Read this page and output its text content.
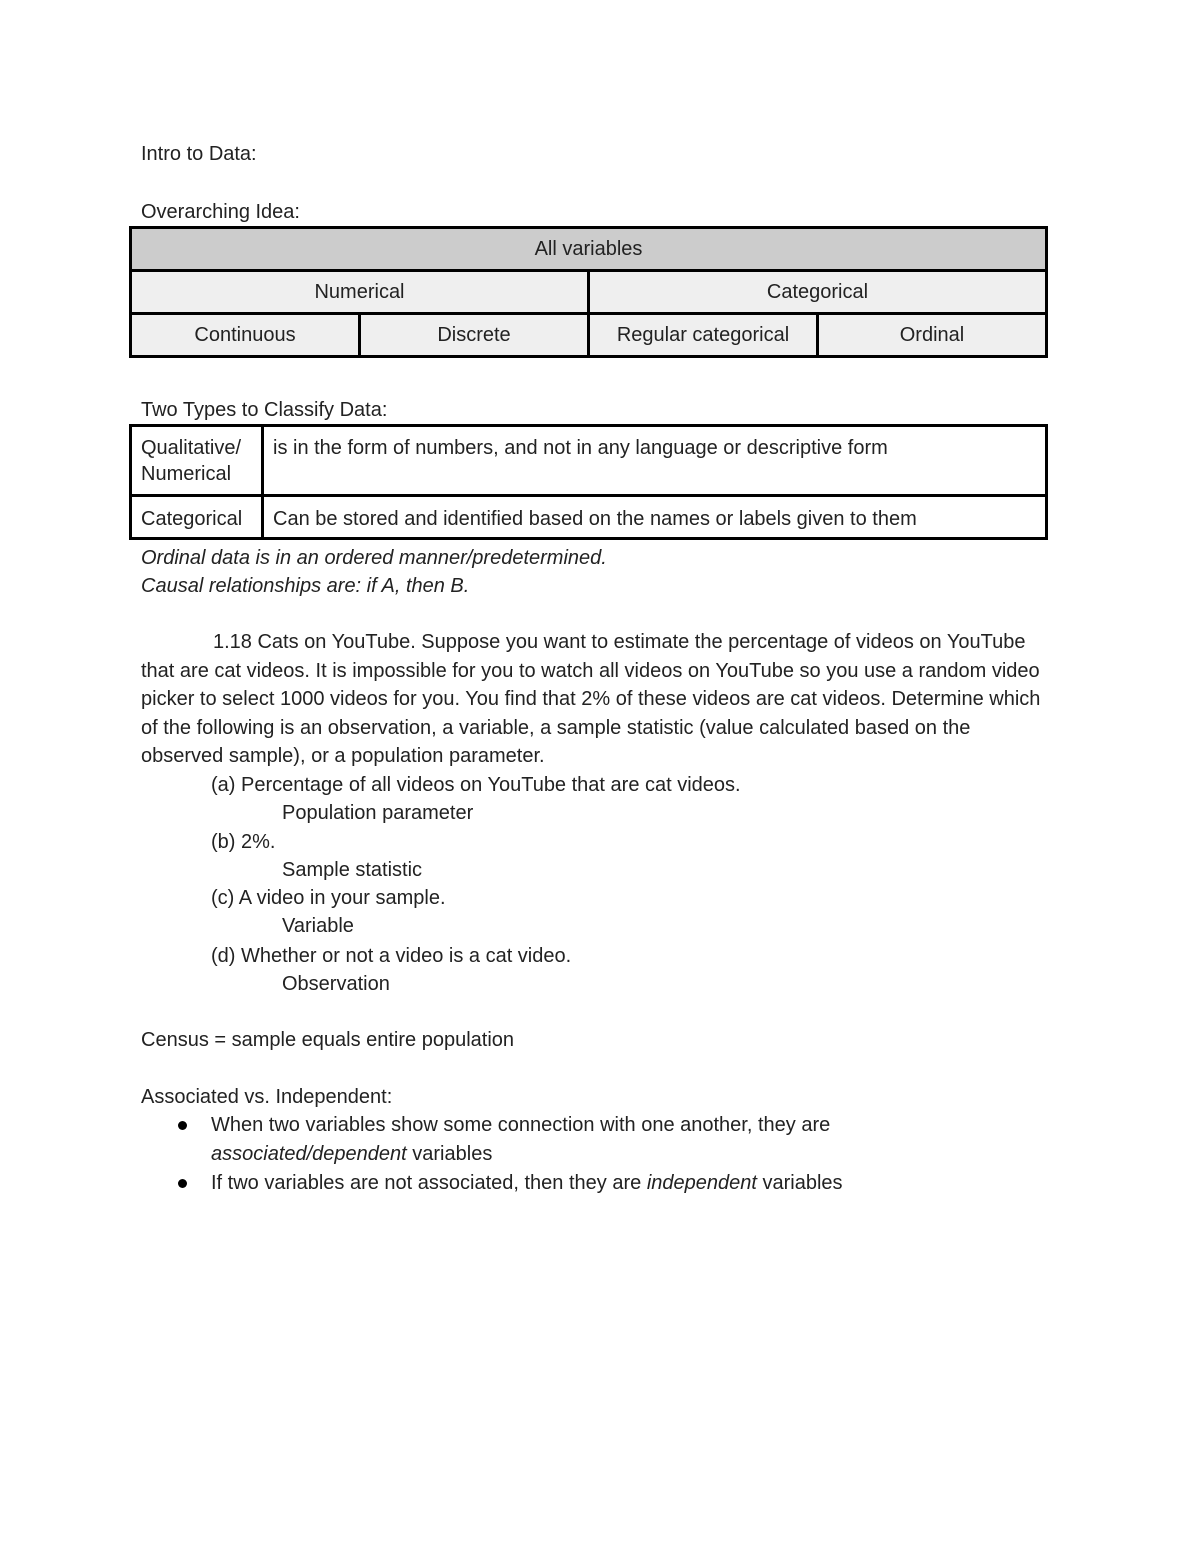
Intro to Data:
Overarching Idea:
All variables			
Numerical		Categorical	
Continuous	Discrete	Regular categorical	Ordinal
Two Types to Classify Data:
Qualitative/
Numerical	is in the form of numbers, and not in any language or descriptive form
Categorical	Can be stored and identified based on the names or labels given to them
Ordinal data is in an ordered manner/predetermined.
Causal relationships are: if A, then B.
1.18 Cats on YouTube. Suppose you want to estimate the percentage of videos on YouTube that are cat videos. It is impossible for you to watch all videos on YouTube so you use a random video picker to select 1000 videos for you. You find that 2% of these videos are cat videos. Determine which of the following is an observation, a variable, a sample statistic (value calculated based on the observed sample), or a population parameter.
(a) Percentage of all videos on YouTube that are cat videos.
Population parameter
(b) 2%.
Sample statistic
(c) A video in your sample.
Variable
(d) Whether or not a video is a cat video.
Observation
Census = sample equals entire population
Associated vs. Independent:
When two variables show some connection with one another, they are
associated/dependent variables
If two variables are not associated, then they are independent variables
